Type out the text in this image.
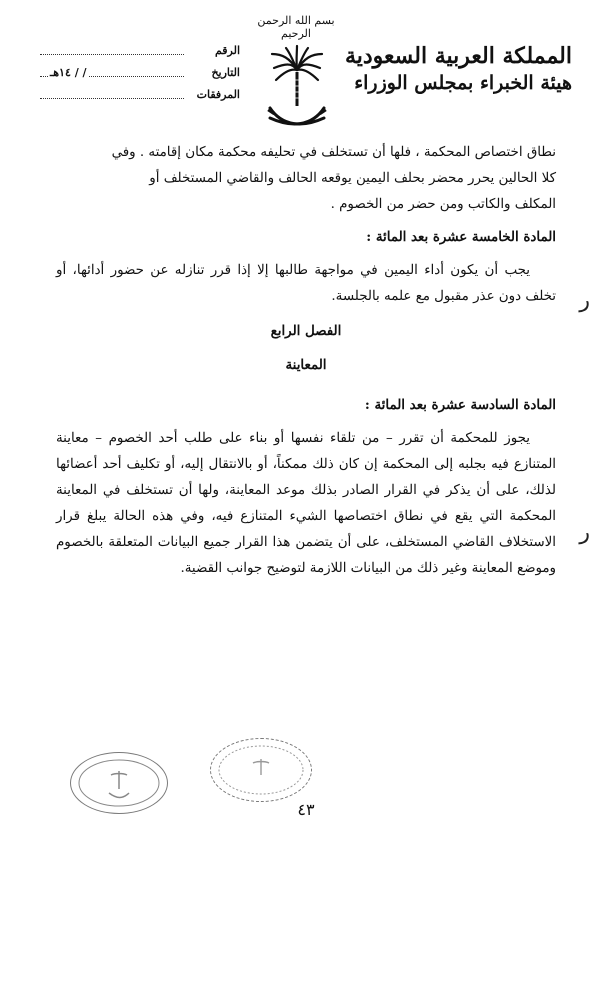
بسم الله الرحمن الرحيم
المملكة العربية السعودية
هيئة الخبراء بمجلس الوزراء
الرقم
التاريخ
/ / ١٤هـ
المرفقات
نطاق اختصاص المحكمة ، فلها أن تستخلف في تحليفه محكمة مكان إقامته . وفي
كلا الحالين يحرر محضر بحلف اليمين يوقعه الحالف والقاضي المستخلف أو
المكلف والكاتب ومن حضر من الخصوم .
المادة الخامسة عشرة بعد المائة :
يجب أن يكون أداء اليمين في مواجهة طالبها إلا إذا قرر تنازله عن حضور أدائها، أو تخلف دون عذر مقبول مع علمه بالجلسة.
الفصل الرابع
المعاينة
المادة السادسة عشرة بعد المائة :
يجوز للمحكمة أن تقرر – من تلقاء نفسها أو بناء على طلب أحد الخصوم – معاينة المتنازع فيه بجلبه إلى المحكمة إن كان ذلك ممكناً، أو بالانتقال إليه، أو تكليف أحد أعضائها لذلك، على أن يذكر في القرار الصادر بذلك موعد المعاينة، ولها أن تستخلف في المعاينة المحكمة التي يقع في نطاق اختصاصها الشيء المتنازع فيه، وفي هذه الحالة يبلغ قرار الاستخلاف القاضي المستخلف، على أن يتضمن هذا القرار جميع البيانات المتعلقة بالخصوم وموضع المعاينة وغير ذلك من البيانات اللازمة لتوضيح جوانب القضية.
ر
ر
٤٣
